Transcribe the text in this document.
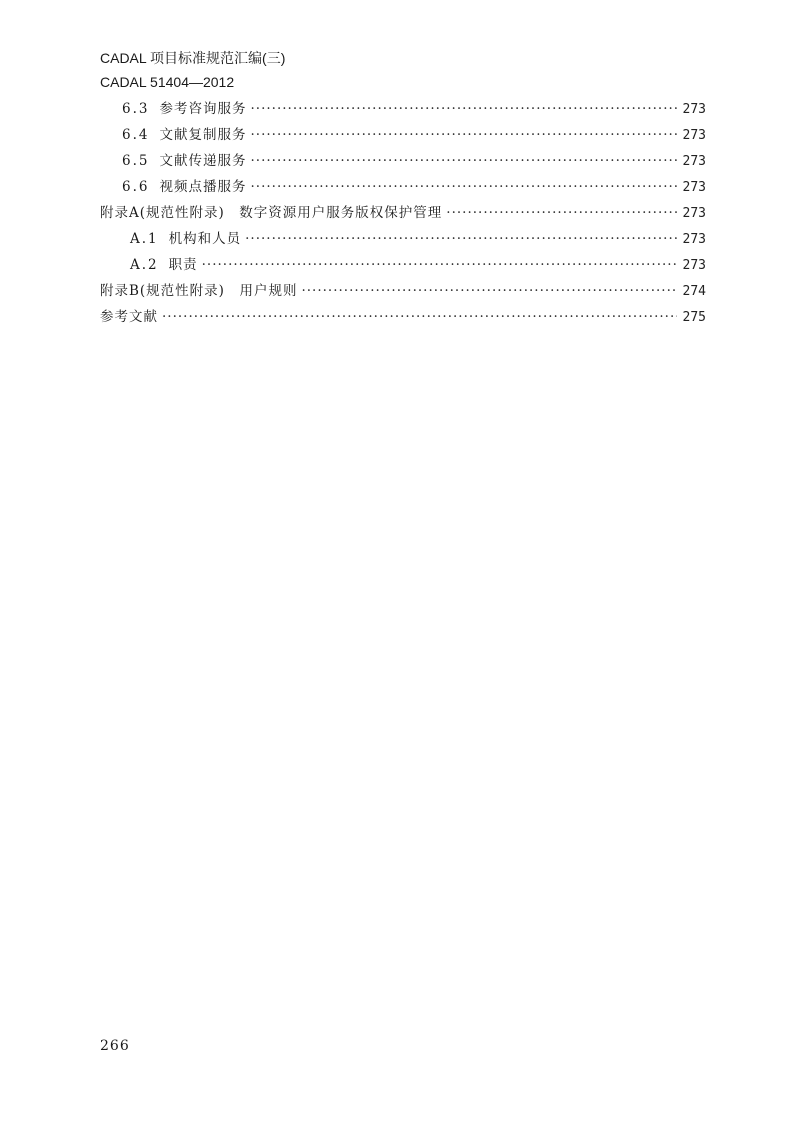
CADAL 项目标准规范汇编(三)
CADAL 51404—2012
6.3 参考咨询服务 ·····	273
6.4 文献复制服务 ·····	273
6.5 文献传递服务 ·····	273
6.6 视频点播服务 ·····	273
附录A(规范性附录)　数字资源用户服务版权保护管理 ·····	273
A.1 机构和人员 ·····	273
A.2 职责 ·····	273
附录B(规范性附录)　用户规则 ·····	274
参考文献 ·····	275
266
